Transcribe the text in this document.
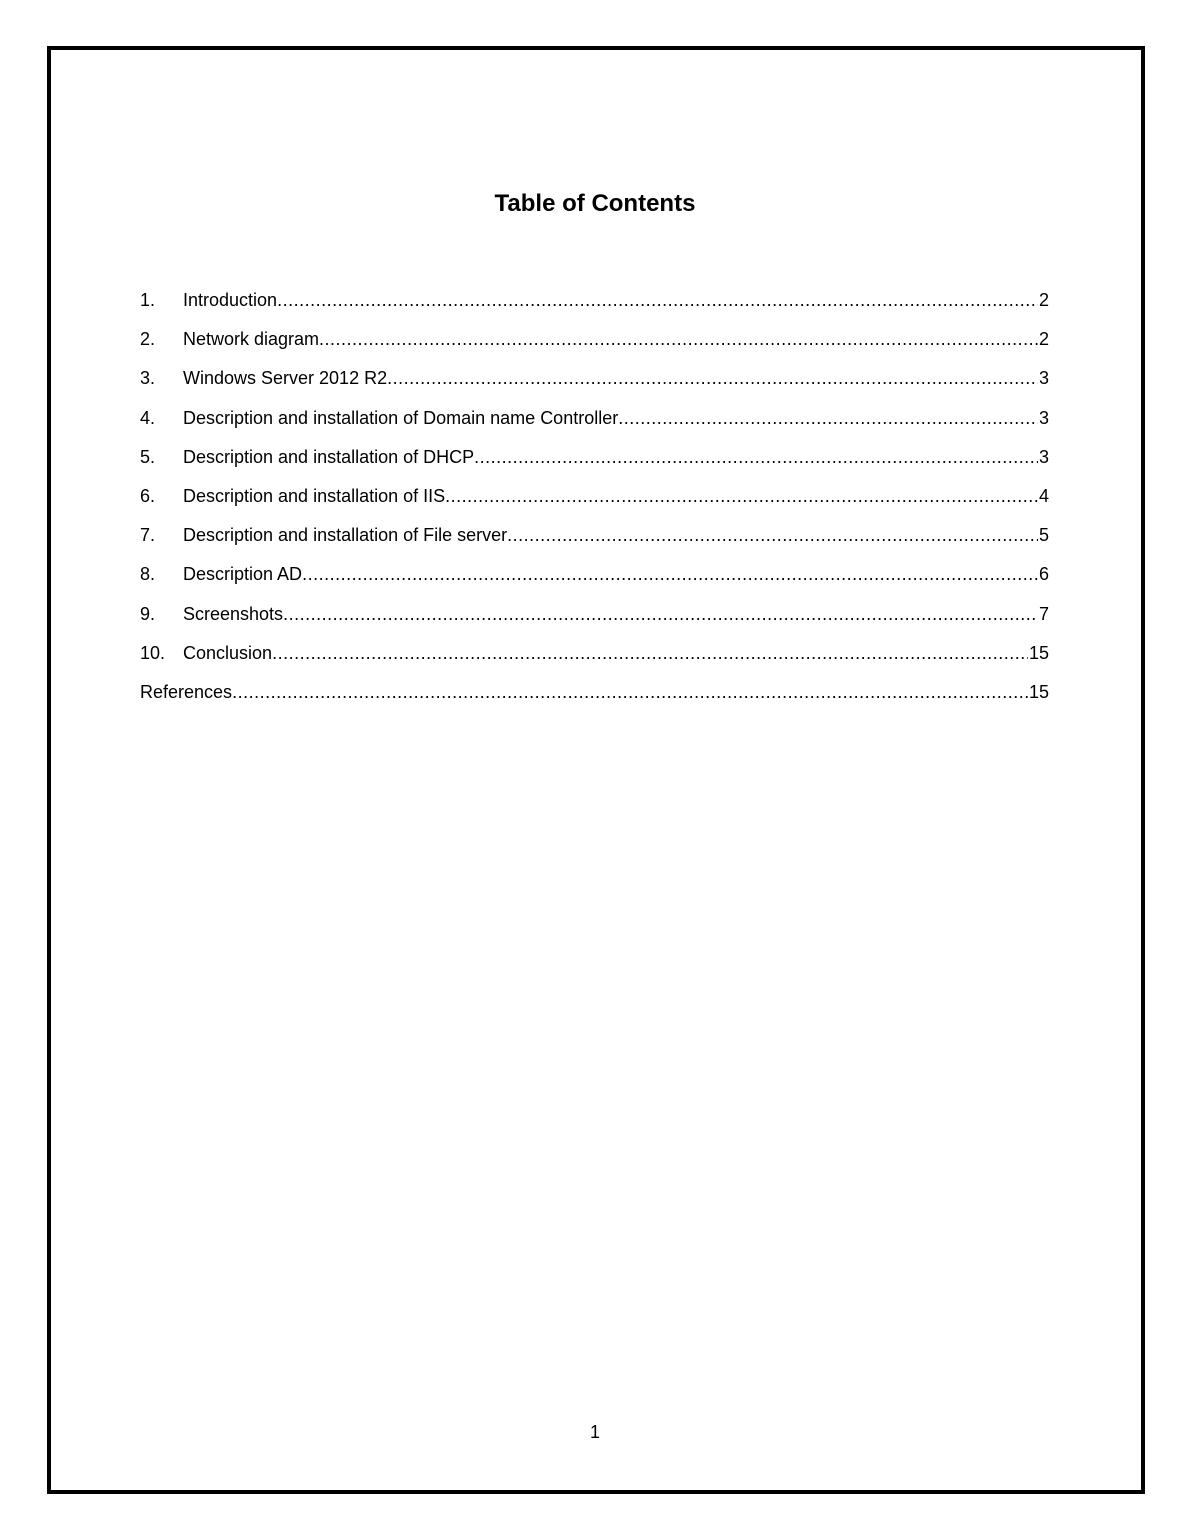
Table of Contents
1.	Introduction .....	2
2.	Network diagram .....	2
3.	Windows Server 2012 R2 .....	3
4.	Description and installation of Domain name Controller .....	3
5.	Description and installation of DHCP .....	3
6.	Description and installation of IIS .....	4
7.	Description and installation of File server .....	5
8.	Description AD .....	6
9.	Screenshots .....	7
10. Conclusion .....	15
References .....	15
1
